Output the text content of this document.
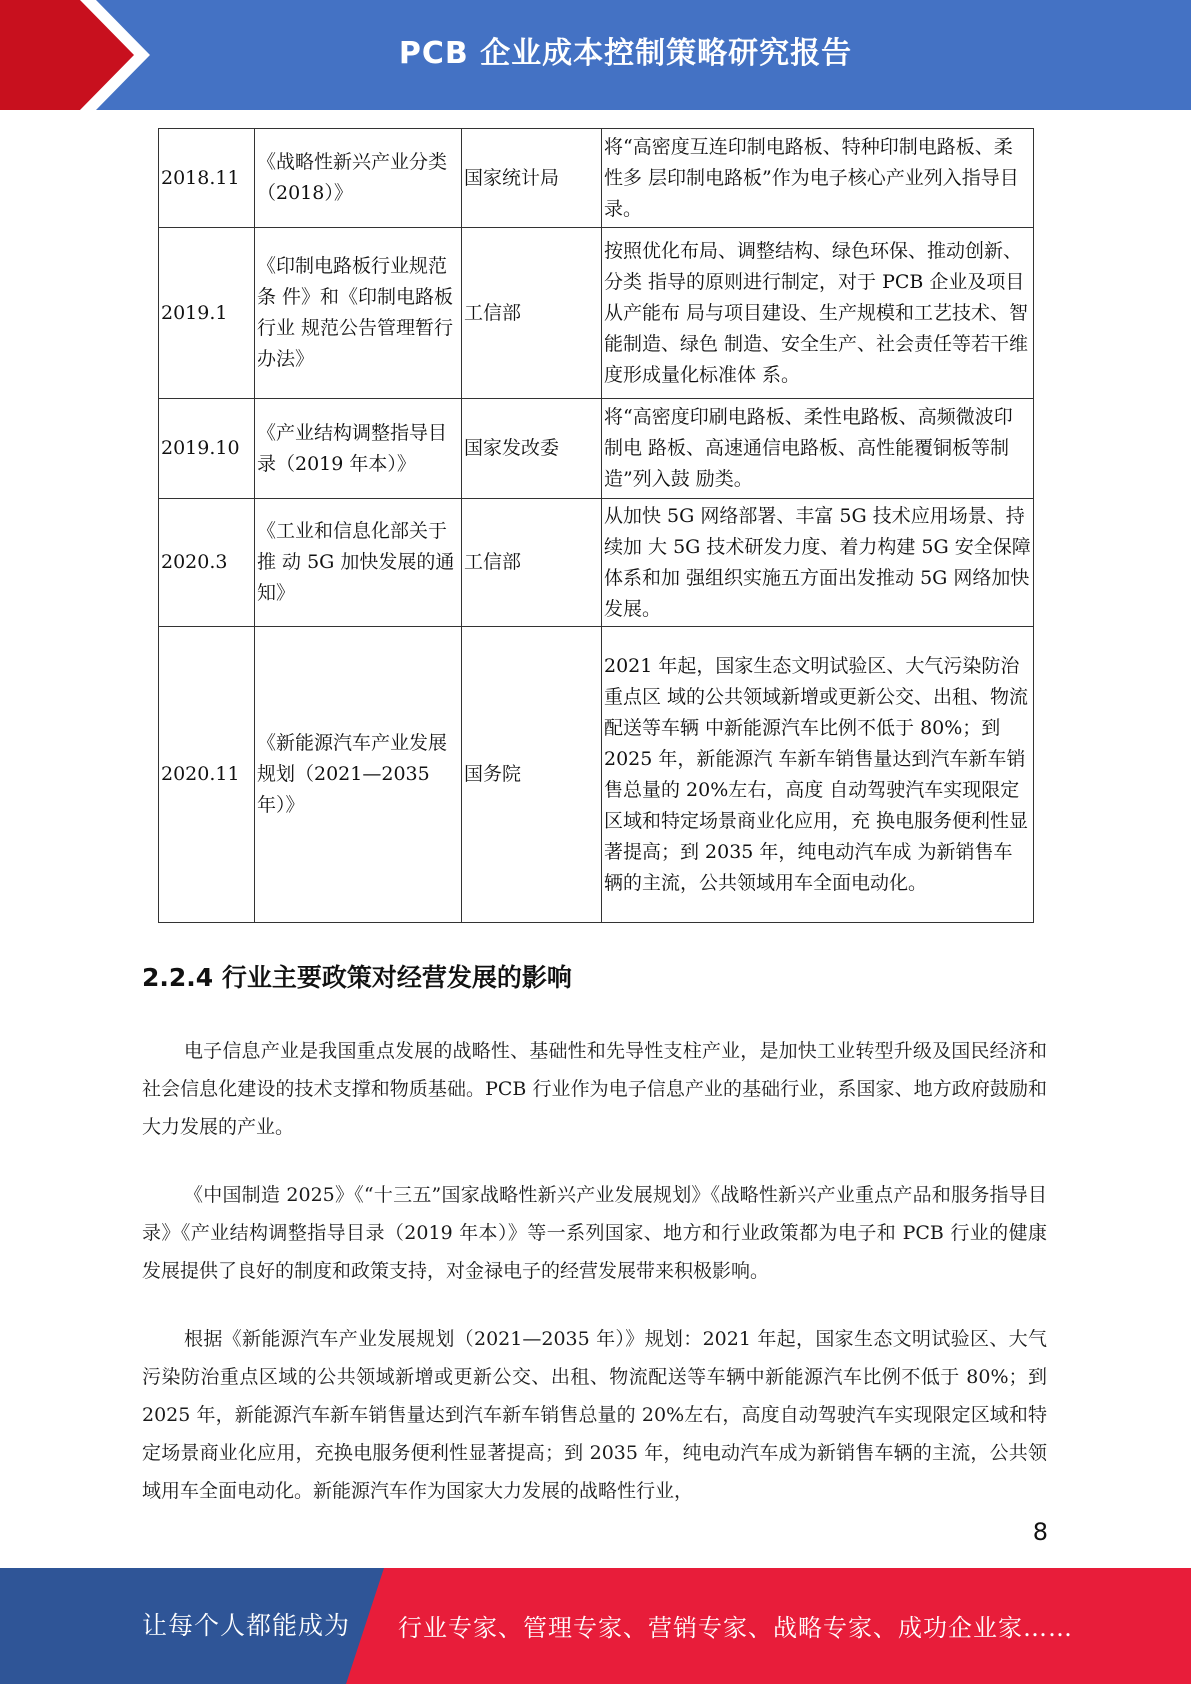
PCB 企业成本控制策略研究报告
2018.11	《战略性新兴产业分类（2018）》	国家统计局	将“高密度互连印制电路板、特种印制电路板、柔性多 层印制电路板”作为电子核心产业列入指导目录。
2019.1	《印制电路板行业规范条 件》和《印制电路板行业 规范公告管理暂行办法》	工信部	按照优化布局、调整结构、绿色环保、推动创新、分类 指导的原则进行制定，对于 PCB 企业及项目从产能布 局与项目建设、生产规模和工艺技术、智能制造、绿色 制造、安全生产、社会责任等若干维度形成量化标准体 系。
2019.10	《产业结构调整指导目录（2019 年本）》	国家发改委	将“高密度印刷电路板、柔性电路板、高频微波印制电 路板、高速通信电路板、高性能覆铜板等制造”列入鼓 励类。
2020.3	《工业和信息化部关于推 动 5G 加快发展的通知》	工信部	从加快 5G 网络部署、丰富 5G 技术应用场景、持续加 大 5G 技术研发力度、着力构建 5G 安全保障体系和加 强组织实施五方面出发推动 5G 网络加快发展。
2020.11	《新能源汽车产业发展规划（2021—2035 年）》	国务院	2021 年起，国家生态文明试验区、大气污染防治重点区 域的公共领域新增或更新公交、出租、物流配送等车辆 中新能源汽车比例不低于 80%；到 2025 年，新能源汽 车新车销售量达到汽车新车销售总量的 20%左右，高度 自动驾驶汽车实现限定区域和特定场景商业化应用，充 换电服务便利性显著提高；到 2035 年，纯电动汽车成 为新销售车辆的主流，公共领域用车全面电动化。
2.2.4 行业主要政策对经营发展的影响

电子信息产业是我国重点发展的战略性、基础性和先导性支柱产业，是加快工业转型升级及国民经济和社会信息化建设的技术支撑和物质基础。PCB 行业作为电子信息产业的基础行业，系国家、地方政府鼓励和大力发展的产业。

《中国制造 2025》《“十三五”国家战略性新兴产业发展规划》《战略性新兴产业重点产品和服务指导目录》《产业结构调整指导目录（2019 年本）》等一系列国家、地方和行业政策都为电子和 PCB 行业的健康发展提供了良好的制度和政策支持，对金禄电子的经营发展带来积极影响。

根据《新能源汽车产业发展规划（2021—2035 年）》规划：2021 年起，国家生态文明试验区、大气污染防治重点区域的公共领域新增或更新公交、出租、物流配送等车辆中新能源汽车比例不低于 80%；到 2025 年，新能源汽车新车销售量达到汽车新车销售总量的 20%左右，高度自动驾驶汽车实现限定区域和特定场景商业化应用，充换电服务便利性显著提高；到 2035 年，纯电动汽车成为新销售车辆的主流，公共领域用车全面电动化。新能源汽车作为国家大力发展的战略性行业，

8
让每个人都能成为 行业专家、管理专家、营销专家、战略专家、成功企业家……
